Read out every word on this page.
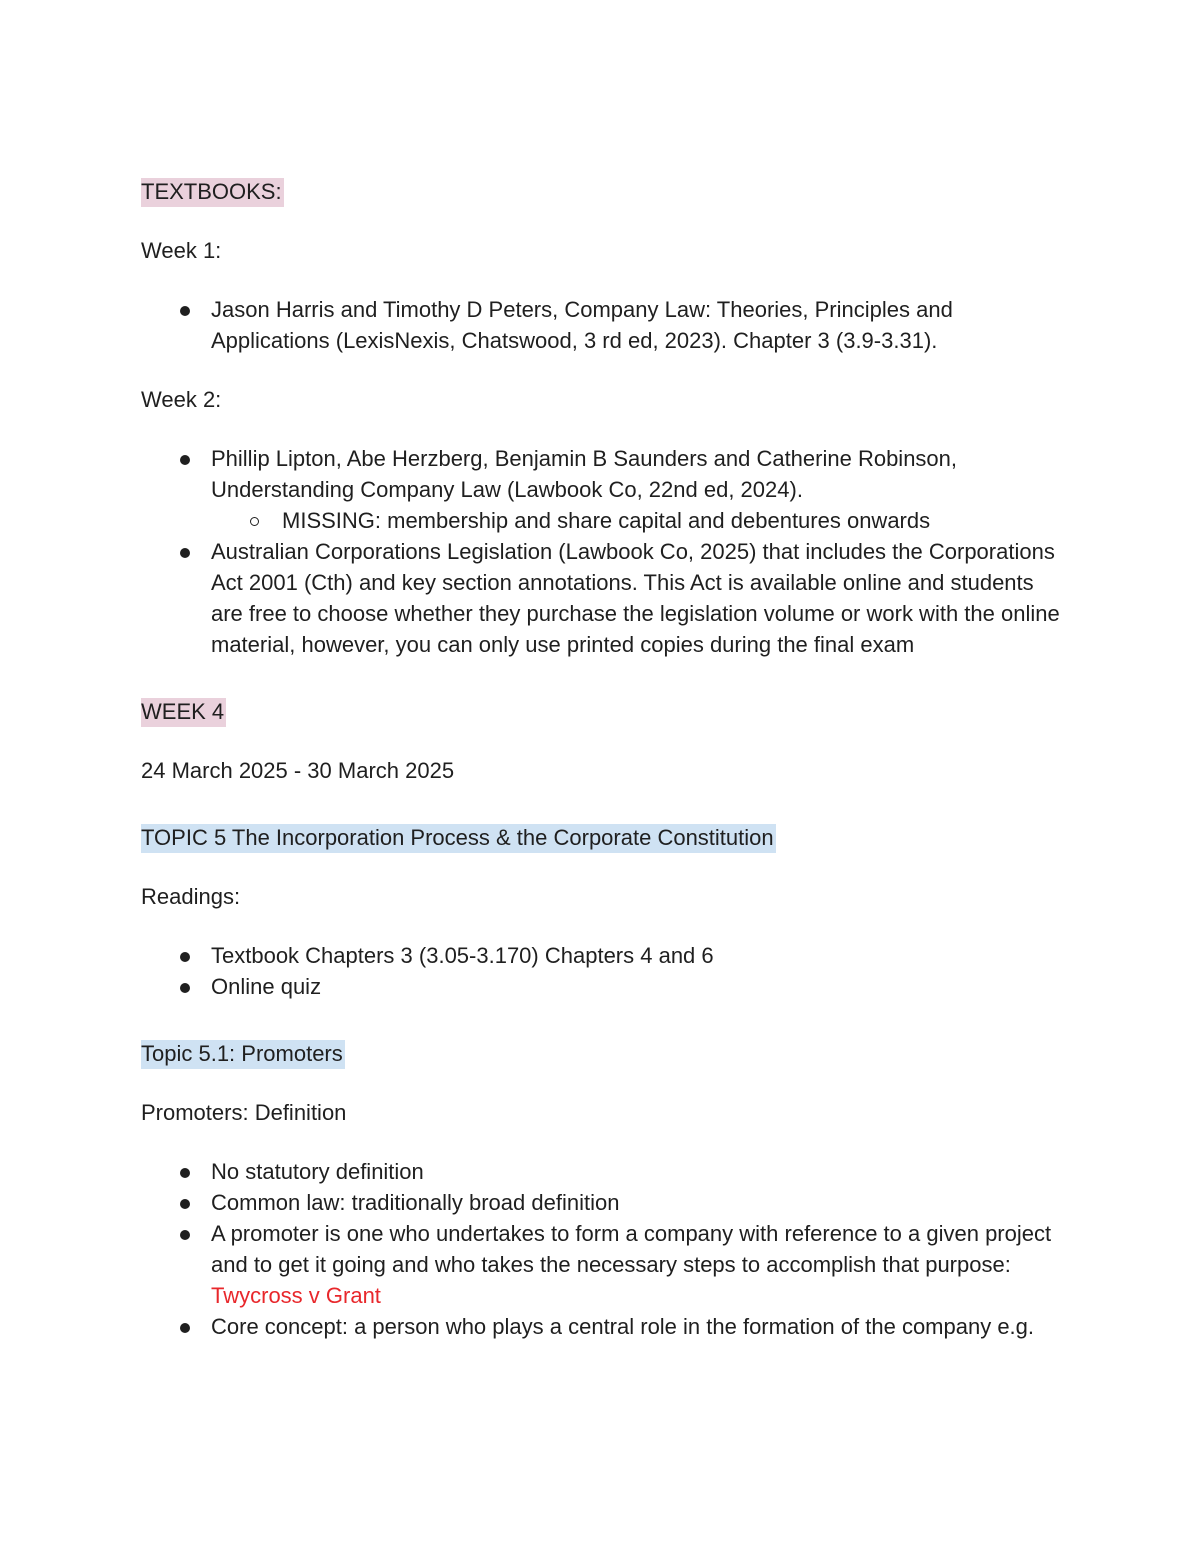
TEXTBOOKS:

Week 1:

Jason Harris and Timothy D Peters, Company Law: Theories, Principles and Applications (LexisNexis, Chatswood, 3 rd ed, 2023). Chapter 3 (3.9-3.31).

Week 2:

Phillip Lipton, Abe Herzberg, Benjamin B Saunders and Catherine Robinson, Understanding Company Law (Lawbook Co, 22nd ed, 2024).
MISSING: membership and share capital and debentures onwards
Australian Corporations Legislation (Lawbook Co, 2025) that includes the Corporations Act 2001 (Cth) and key section annotations. This Act is available online and students are free to choose whether they purchase the legislation volume or work with the online material, however, you can only use printed copies during the final exam

WEEK 4

24 March 2025 - 30 March 2025

TOPIC 5 The Incorporation Process & the Corporate Constitution

Readings:

Textbook Chapters 3 (3.05-3.170) Chapters 4 and 6
Online quiz

Topic 5.1: Promoters

Promoters: Definition

No statutory definition
Common law: traditionally broad definition
A promoter is one who undertakes to form a company with reference to a given project and to get it going and who takes the necessary steps to accomplish that purpose: Twycross v Grant
Core concept: a person who plays a central role in the formation of the company e.g.
